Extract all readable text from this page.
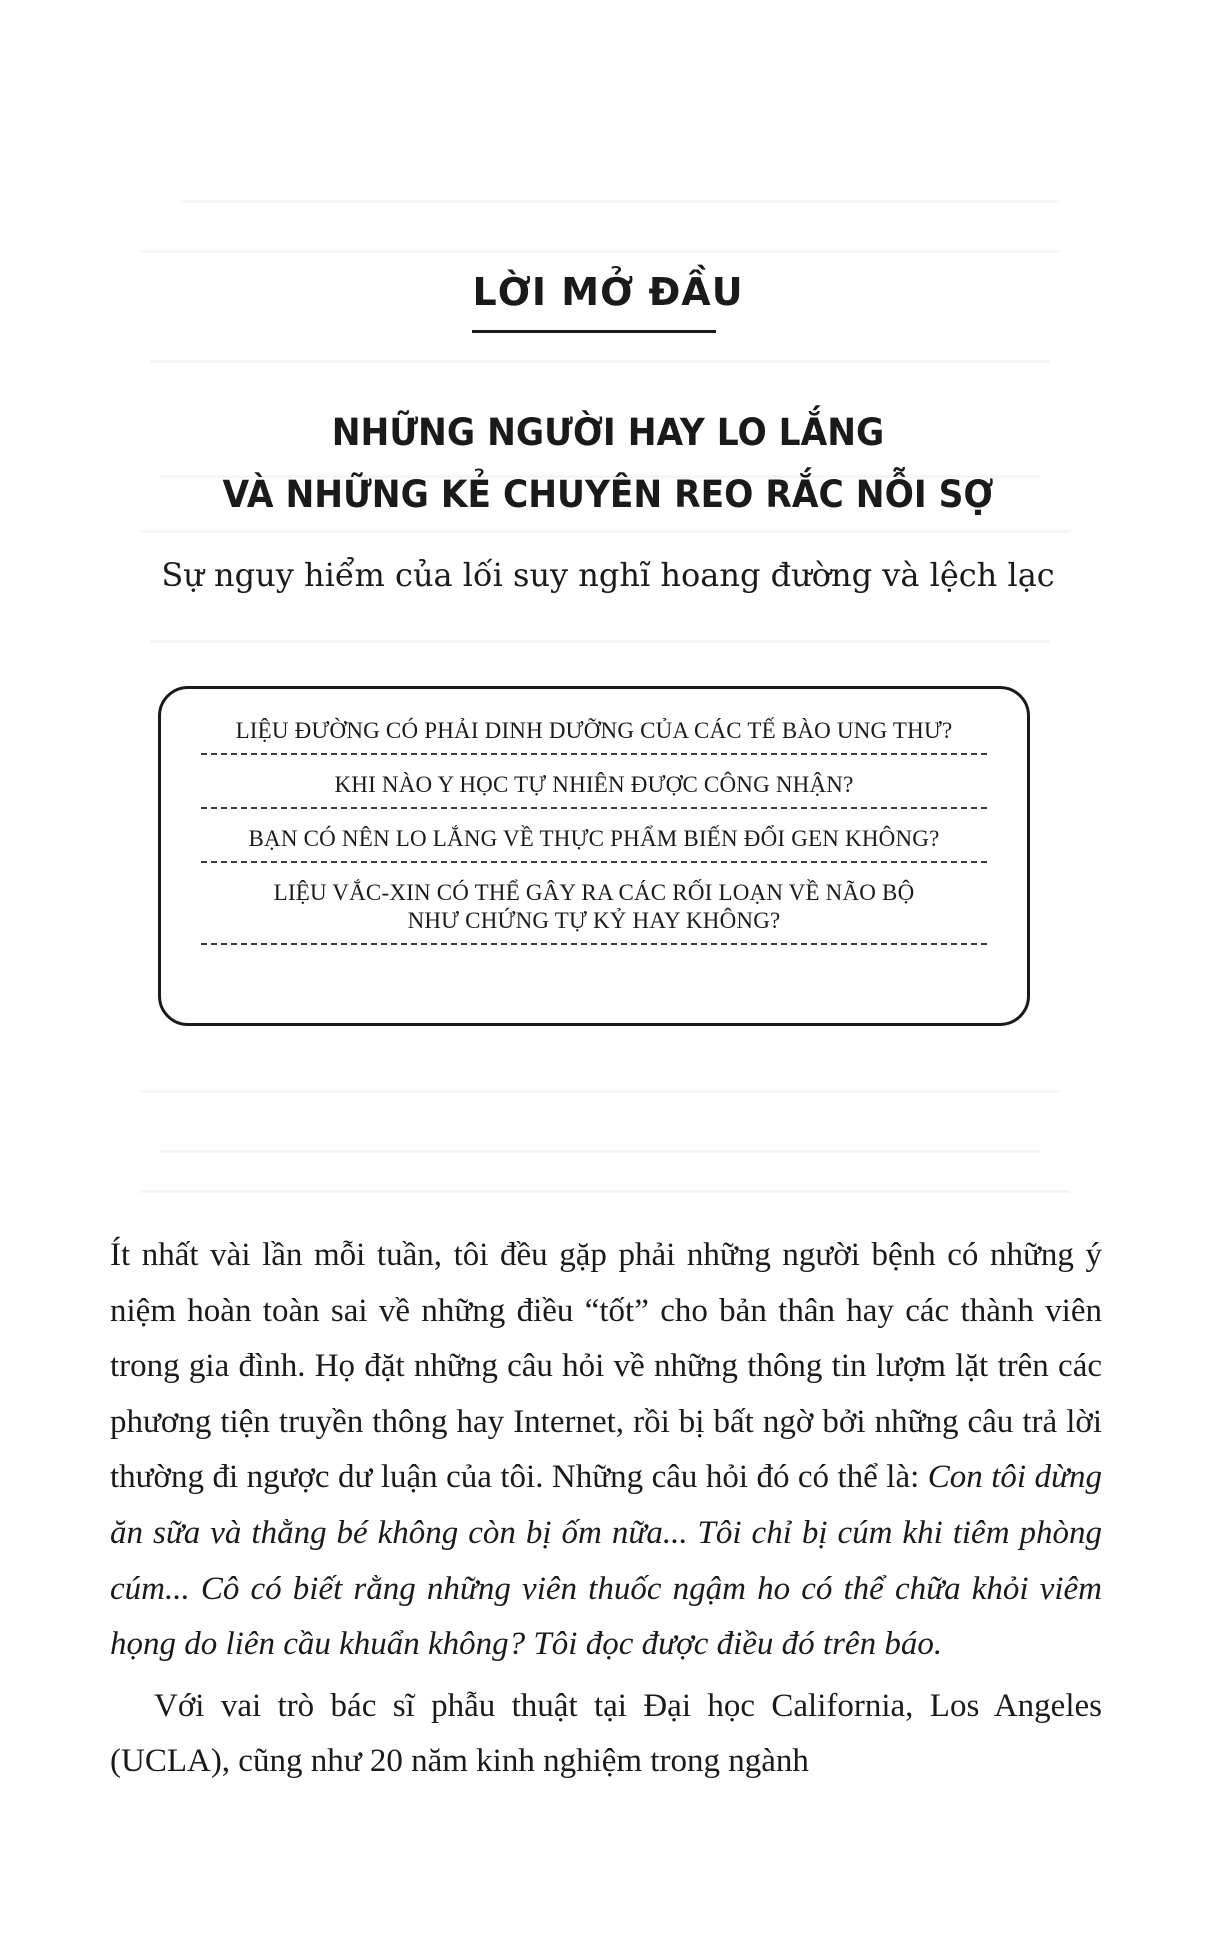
LỜI MỞ ĐẦU
NHỮNG NGƯỜI HAY LO LẮNG
VÀ NHỮNG KẺ CHUYÊN REO RẮC NỖI SỢ
Sự nguy hiểm của lối suy nghĩ hoang đường và lệch lạc
LIỆU ĐƯỜNG CÓ PHẢI DINH DƯỠNG CỦA CÁC TẾ BÀO UNG THƯ?
KHI NÀO Y HỌC TỰ NHIÊN ĐƯỢC CÔNG NHẬN?
BẠN CÓ NÊN LO LẮNG VỀ THỰC PHẨM BIẾN ĐỔI GEN KHÔNG?
LIỆU VẮC-XIN CÓ THỂ GÂY RA CÁC RỐI LOẠN VỀ NÃO BỘ NHƯ CHỨNG TỰ KỶ HAY KHÔNG?

Ít nhất vài lần mỗi tuần, tôi đều gặp phải những người bệnh có những ý niệm hoàn toàn sai về những điều “tốt” cho bản thân hay các thành viên trong gia đình. Họ đặt những câu hỏi về những thông tin lượm lặt trên các phương tiện truyền thông hay Internet, rồi bị bất ngờ bởi những câu trả lời thường đi ngược dư luận của tôi. Những câu hỏi đó có thể là: Con tôi dừng ăn sữa và thằng bé không còn bị ốm nữa... Tôi chỉ bị cúm khi tiêm phòng cúm... Cô có biết rằng những viên thuốc ngậm ho có thể chữa khỏi viêm họng do liên cầu khuẩn không? Tôi đọc được điều đó trên báo.

Với vai trò bác sĩ phẫu thuật tại Đại học California, Los Angeles (UCLA), cũng như 20 năm kinh nghiệm trong ngành
